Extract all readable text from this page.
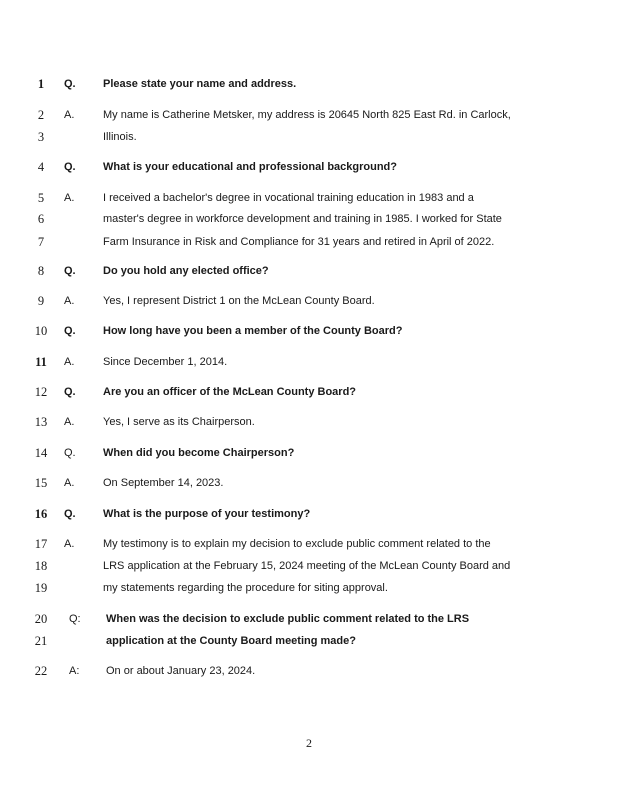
1	Q.	Please state your name and address.
2	A.	My name is Catherine Metsker, my address is 20645 North 825 East Rd. in Carlock,
3	Illinois.
4	Q.	What is your educational and professional background?
5	A.	I received a bachelor's degree in vocational training education in 1983 and a
6	master's degree in workforce development and training in 1985. I worked for State
7	Farm Insurance in Risk and Compliance for 31 years and retired in April of 2022.
8	Q.	Do you hold any elected office?
9	A.	Yes, I represent District 1 on the McLean County Board.
10	Q.	How long have you been a member of the County Board?
11	A.	Since December 1, 2014.
12	Q.	Are you an officer of the McLean County Board?
13	A.	Yes, I serve as its Chairperson.
14	Q.	When did you become Chairperson?
15	A.	On September 14, 2023.
16	Q.	What is the purpose of your testimony?
17	A.	My testimony is to explain my decision to exclude public comment related to the
18	LRS application at the February 15, 2024 meeting of the McLean County Board and
19	my statements regarding the procedure for siting approval.
20	Q:	When was the decision to exclude public comment related to the LRS
21	application at the County Board meeting made?
22	A:	On or about January 23, 2024.
2
